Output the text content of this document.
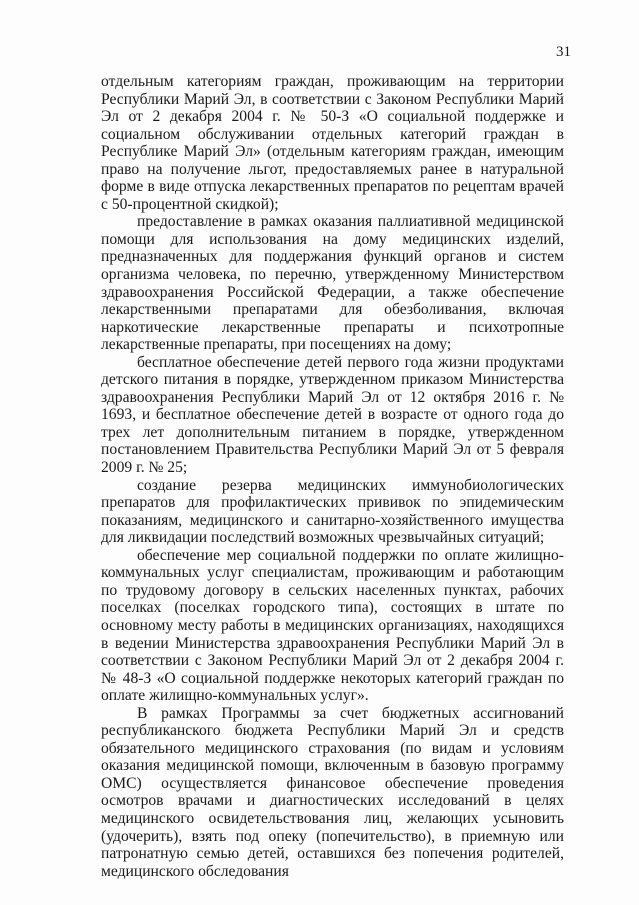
31

отдельным категориям граждан, проживающим на территории Республики Марий Эл, в соответствии с Законом Республики Марий Эл от 2 декабря 2004 г. № 50-З «О социальной поддержке и социальном обслуживании отдельных категорий граждан в Республике Марий Эл» (отдельным категориям граждан, имеющим право на получение льгот, предоставляемых ранее в натуральной форме в виде отпуска лекарственных препаратов по рецептам врачей с 50-процентной скидкой);

предоставление в рамках оказания паллиативной медицинской помощи для использования на дому медицинских изделий, предназначенных для поддержания функций органов и систем организма человека, по перечню, утвержденному Министерством здравоохранения Российской Федерации, а также обеспечение лекарственными препаратами для обезболивания, включая наркотические лекарственные препараты и психотропные лекарственные препараты, при посещениях на дому;

бесплатное обеспечение детей первого года жизни продуктами детского питания в порядке, утвержденном приказом Министерства здравоохранения Республики Марий Эл от 12 октября 2016 г. № 1693, и бесплатное обеспечение детей в возрасте от одного года до трех лет дополнительным питанием в порядке, утвержденном постановлением Правительства Республики Марий Эл от 5 февраля 2009 г. № 25;

создание резерва медицинских иммунобиологических препаратов для профилактических прививок по эпидемическим показаниям, медицинского и санитарно-хозяйственного имущества для ликвидации последствий возможных чрезвычайных ситуаций;

обеспечение мер социальной поддержки по оплате жилищно-коммунальных услуг специалистам, проживающим и работающим по трудовому договору в сельских населенных пунктах, рабочих поселках (поселках городского типа), состоящих в штате по основному месту работы в медицинских организациях, находящихся в ведении Министерства здравоохранения Республики Марий Эл в соответствии с Законом Республики Марий Эл от 2 декабря 2004 г. № 48-З «О социальной поддержке некоторых категорий граждан по оплате жилищно-коммунальных услуг».

В рамках Программы за счет бюджетных ассигнований республиканского бюджета Республики Марий Эл и средств обязательного медицинского страхования (по видам и условиям оказания медицинской помощи, включенным в базовую программу ОМС) осуществляется финансовое обеспечение проведения осмотров врачами и диагностических исследований в целях медицинского освидетельствования лиц, желающих усыновить (удочерить), взять под опеку (попечительство), в приемную или патронатную семью детей, оставшихся без попечения родителей, медицинского обследования
